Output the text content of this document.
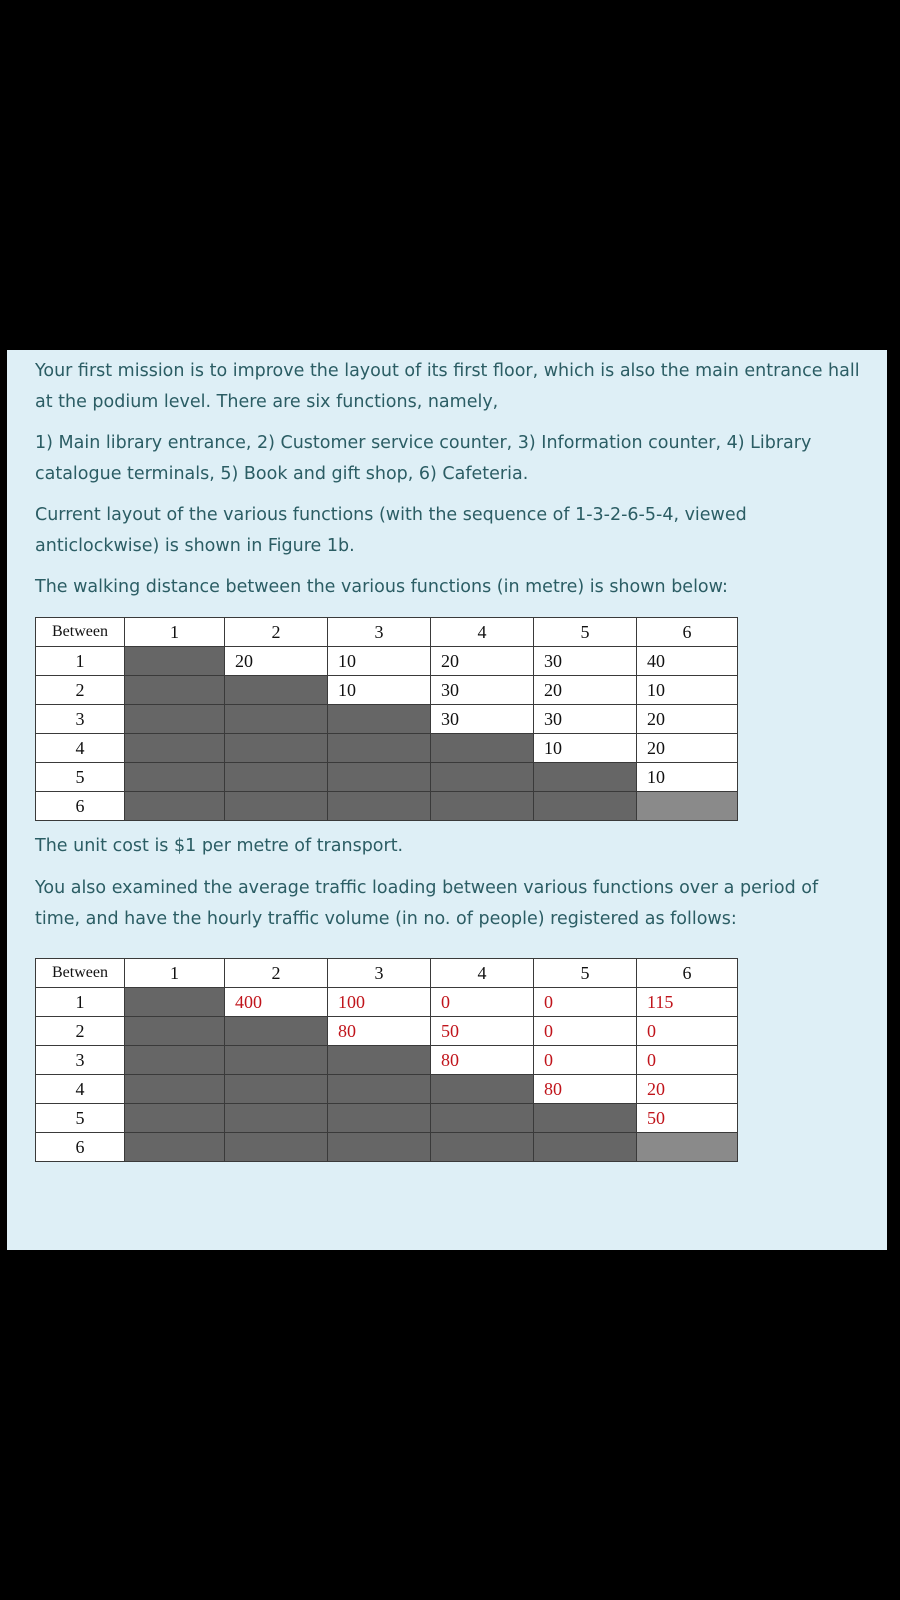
Your first mission is to improve the layout of its first floor, which is also the main entrance hall at the podium level. There are six functions, namely,

1) Main library entrance, 2) Customer service counter, 3) Information counter, 4) Library catalogue terminals, 5) Book and gift shop, 6) Cafeteria.

Current layout of the various functions (with the sequence of 1-3-2-6-5-4, viewed anticlockwise) is shown in Figure 1b.

The walking distance between the various functions (in metre) is shown below:

Between	1	2	3	4	5	6
1		20	10	20	30	40
2			10	30	20	10
3				30	30	20
4					10	20
5						10
6						

The unit cost is $1 per metre of transport.

You also examined the average traffic loading between various functions over a period of time, and have the hourly traffic volume (in no. of people) registered as follows:

Between	1	2	3	4	5	6
1		400	100	0	0	115
2			80	50	0	0
3				80	0	0
4					80	20
5						50
6						
